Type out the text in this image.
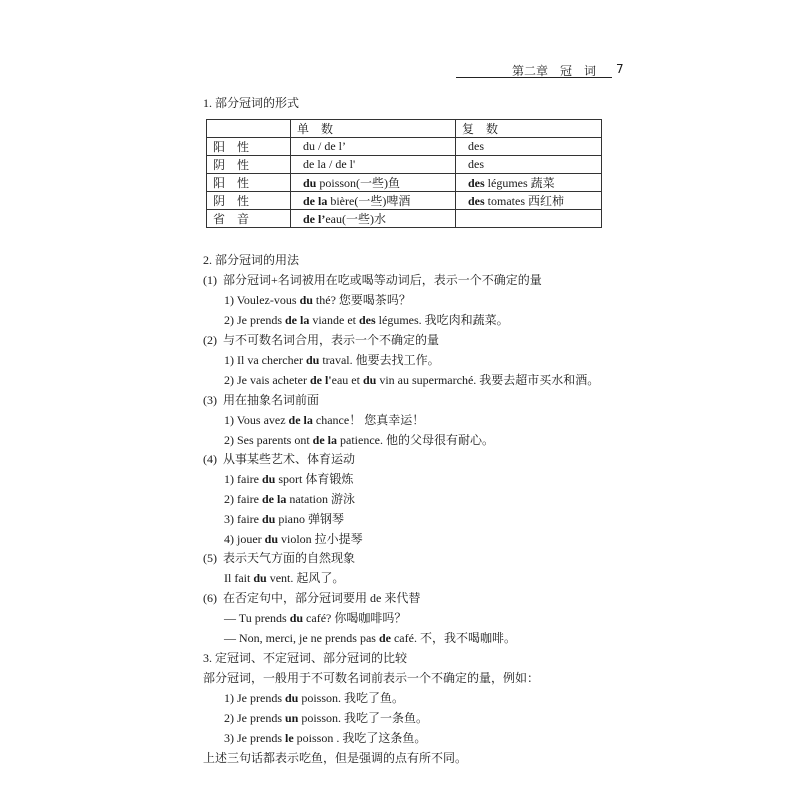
第二章　冠　词 7
1. 部分冠词的形式
	单　数	复　数
阳　性	du / de l’	des
阴　性	de la / de l'	des
阳　性	du poisson(一些)鱼	des légumes 蔬菜
阴　性	de la bière(一些)啤酒	des tomates 西红柿
省　音	de l’eau(一些)水	
2. 部分冠词的用法
(1) 部分冠词+名词被用在吃或喝等动词后，表示一个不确定的量
1) Voulez-vous du thé? 您要喝茶吗？
2) Je prends de la viande et des légumes. 我吃肉和蔬菜。
(2) 与不可数名词合用，表示一个不确定的量
1) Il va chercher du traval. 他要去找工作。
2) Je vais acheter de l'eau et du vin au supermarché. 我要去超市买水和酒。
(3) 用在抽象名词前面
1) Vous avez de la chance！ 您真幸运！
2) Ses parents ont de la patience. 他的父母很有耐心。
(4) 从事某些艺术、体育运动
1) faire du sport 体育锻炼
2) faire de la natation 游泳
3) faire du piano 弹钢琴
4) jouer du violon 拉小提琴
(5) 表示天气方面的自然现象
Il fait du vent. 起风了。
(6) 在否定句中，部分冠词要用 de 来代替
— Tu prends du café? 你喝咖啡吗？
— Non, merci, je ne prends pas de café. 不，我不喝咖啡。
3. 定冠词、不定冠词、部分冠词的比较
部分冠词，一般用于不可数名词前表示一个不确定的量，例如：
1) Je prends du poisson. 我吃了鱼。
2) Je prends un poisson. 我吃了一条鱼。
3) Je prends le poisson . 我吃了这条鱼。
上述三句话都表示吃鱼，但是强调的点有所不同。
